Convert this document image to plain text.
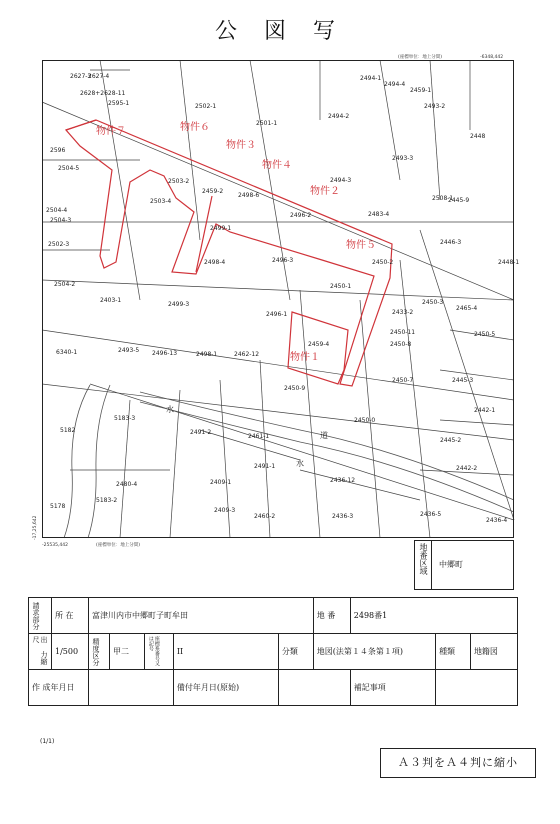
公 図 写
(座標単位：地上分間)	-6348,442
-25535,442	(座標単位：地上分間)
-17,25,642
2627-3
2627-4
2628+2628-11
2595-1	2502-1
2501-1
2494-2
2494-1
2494-4
2493-2
2448
2596
2504-5
2503-2	2494-3
2493-3
2508-1
2504-4
2504-3
2502-3
2499-1
2498-6
2496-2	2483-4
2445-9
2503-4
2459-2
2498-4	2496-3	2450-2
2450-1
2446-3
2448-1
2504-2
2403-1
2499-3
2496-1
2450-3
2450-5
2465-4
6340-1	2493-5 2496-13	2498-1
2450-11
2450-8
2459-4
2450-7	2445-3
5183-3
2491-2
2450-9
2450-0
2445-2
5182
2491-1
2436-12
2442-2
2480-4	2409-1
5183-2
2409-3
2460-2	2436-3	2436-5
2436-4
5178
2462-12
2433-2
2442-1
2461-1
2459-1
水
水
道
物件１
物件２
物件３
物件４
物件５
物件６
物件７
地番区域 中郷町
請求部分	所 在	富津川内市中郷町子町牟田					地 番	2498番1		

出 力縮 尺	1/500	精度区分	甲二	座標系番号又は記号	II	分類	地図(法第１４条第１項)		種類	地籍図
作 成年月日					備付年月日(原始)			補記事項		
(1/1)
Ａ３判をＡ４判に縮小
